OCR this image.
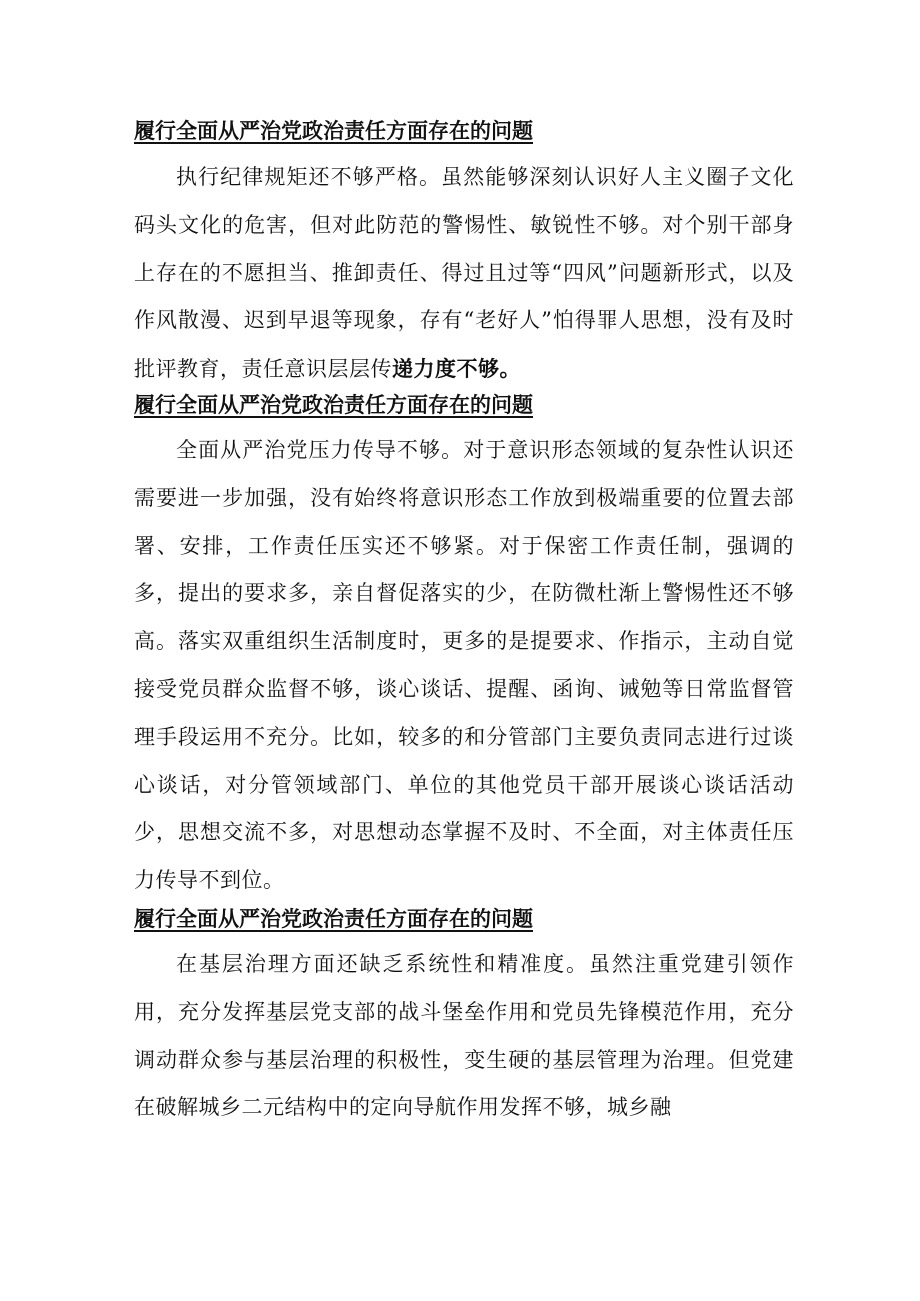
履行全面从严治党政治责任方面存在的问题

执行纪律规矩还不够严格。虽然能够深刻认识好人主义圈子文化码头文化的危害，但对此防范的警惕性、敏锐性不够。对个别干部身上存在的不愿担当、推卸责任、得过且过等“四风”问题新形式，以及作风散漫、迟到早退等现象，存有“老好人”怕得罪人思想，没有及时批评教育，责任意识层层传递力度不够。

履行全面从严治党政治责任方面存在的问题

全面从严治党压力传导不够。对于意识形态领域的复杂性认识还需要进一步加强，没有始终将意识形态工作放到极端重要的位置去部署、安排，工作责任压实还不够紧。对于保密工作责任制，强调的多，提出的要求多，亲自督促落实的少，在防微杜渐上警惕性还不够高。落实双重组织生活制度时，更多的是提要求、作指示，主动自觉接受党员群众监督不够，谈心谈话、提醒、函询、诫勉等日常监督管理手段运用不充分。比如，较多的和分管部门主要负责同志进行过谈心谈话，对分管领域部门、单位的其他党员干部开展谈心谈话活动少，思想交流不多，对思想动态掌握不及时、不全面，对主体责任压力传导不到位。

履行全面从严治党政治责任方面存在的问题

在基层治理方面还缺乏系统性和精准度。虽然注重党建引领作用，充分发挥基层党支部的战斗堡垒作用和党员先锋模范作用，充分调动群众参与基层治理的积极性，变生硬的基层管理为治理。但党建在破解城乡二元结构中的定向导航作用发挥不够，城乡融
